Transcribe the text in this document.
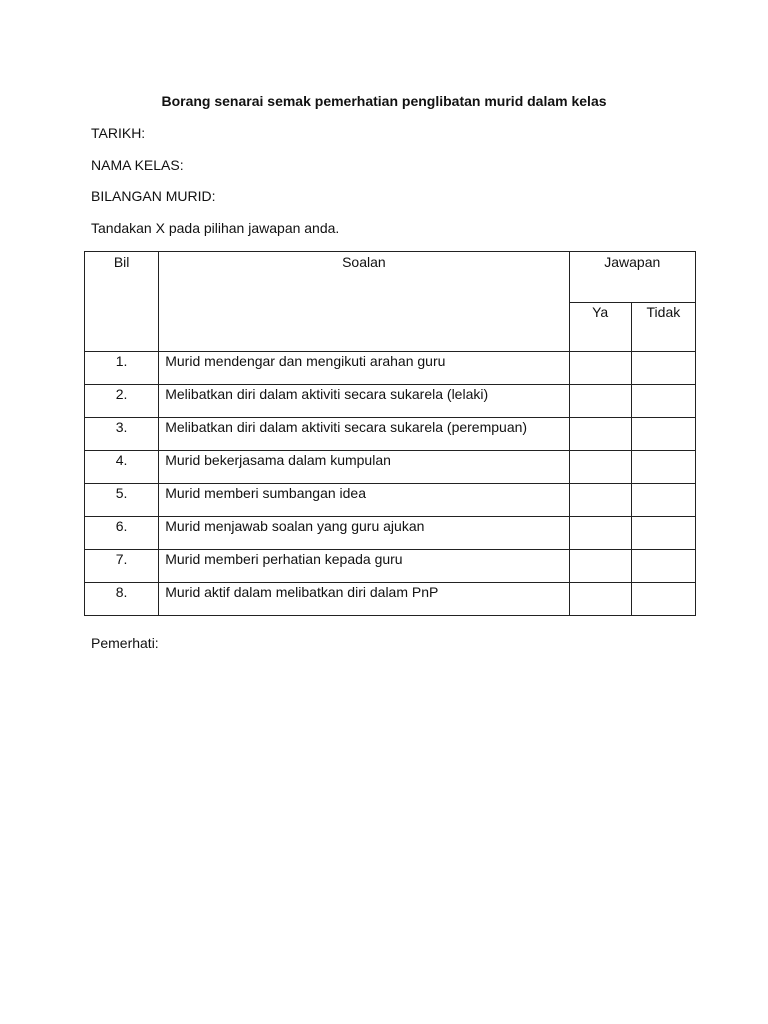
Borang senarai semak pemerhatian penglibatan murid dalam kelas
TARIKH:
NAMA KELAS:
BILANGAN MURID:
Tandakan X pada pilihan jawapan anda.
Bil	Soalan	Jawapan	
		Ya	Tidak
1.	Murid mendengar dan mengikuti arahan guru		
2.	Melibatkan diri dalam aktiviti secara sukarela (lelaki)		
3.	Melibatkan diri dalam aktiviti secara sukarela (perempuan)		
4.	Murid bekerjasama dalam kumpulan		
5.	Murid memberi sumbangan idea		
6.	Murid menjawab soalan yang guru ajukan		
7.	Murid memberi perhatian kepada guru		
8.	Murid aktif dalam melibatkan diri dalam PnP		
Pemerhati:
